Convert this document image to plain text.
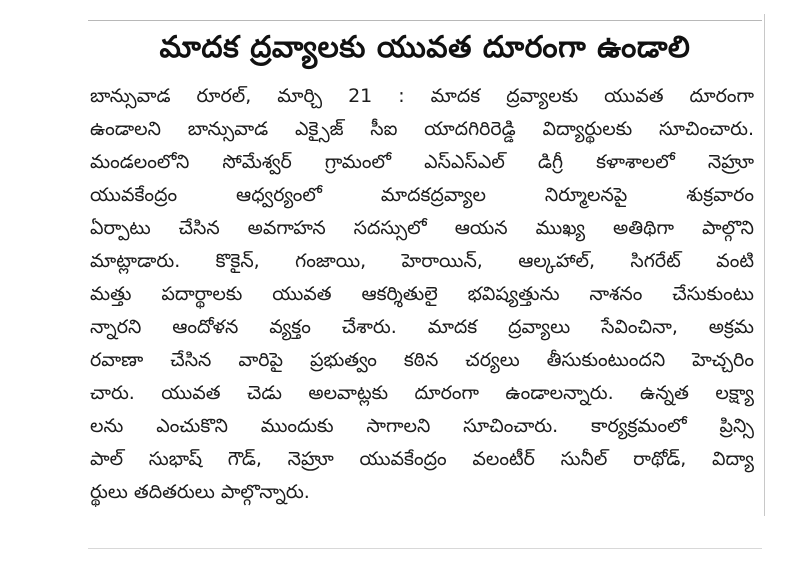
మాదక ద్రవ్యాలకు యువత దూరంగా ఉండాలి
బాన్సువాడ రూరల్, మార్చి 21 : మాదక ద్రవ్యాలకు యువత దూరంగా
ఉండాలని బాన్సువాడ ఎక్సైజ్ సీఐ యాదగిరిరెడ్డి విద్యార్థులకు సూచించారు.
మండలంలోని సోమేశ్వర్ గ్రామంలో ఎస్ఎస్ఎల్ డిగ్రీ కళాశాలలో నెహ్రూ
యువకేంద్రం ఆధ్వర్యంలో మాదకద్రవ్యాల నిర్మూలనపై శుక్రవారం
ఏర్పాటు చేసిన అవగాహన సదస్సులో ఆయన ముఖ్య అతిథిగా పాల్గొని
మాట్లాడారు. కొకైన్, గంజాయి, హెరాయిన్, ఆల్కహాల్, సిగరేట్ వంటి
మత్తు పదార్థాలకు యువత ఆకర్శితులై భవిష్యత్తును నాశనం చేసుకుంటు
న్నారని ఆందోళన వ్యక్తం చేశారు. మాదక ద్రవ్యాలు సేవించినా, అక్రమ
రవాణా చేసిన వారిపై ప్రభుత్వం కఠిన చర్యలు తీసుకుంటుందని హెచ్చరిం
చారు. యువత చెడు అలవాట్లకు దూరంగా ఉండాలన్నారు. ఉన్నత లక్ష్యా
లను ఎంచుకొని ముందుకు సాగాలని సూచించారు. కార్యక్రమంలో ప్రిన్సి
పాల్ సుభాష్ గౌడ్, నెహ్రూ యువకేంద్రం వలంటీర్ సునీల్ రాథోడ్, విద్యా
ర్థులు తదితరులు పాల్గొన్నారు.
